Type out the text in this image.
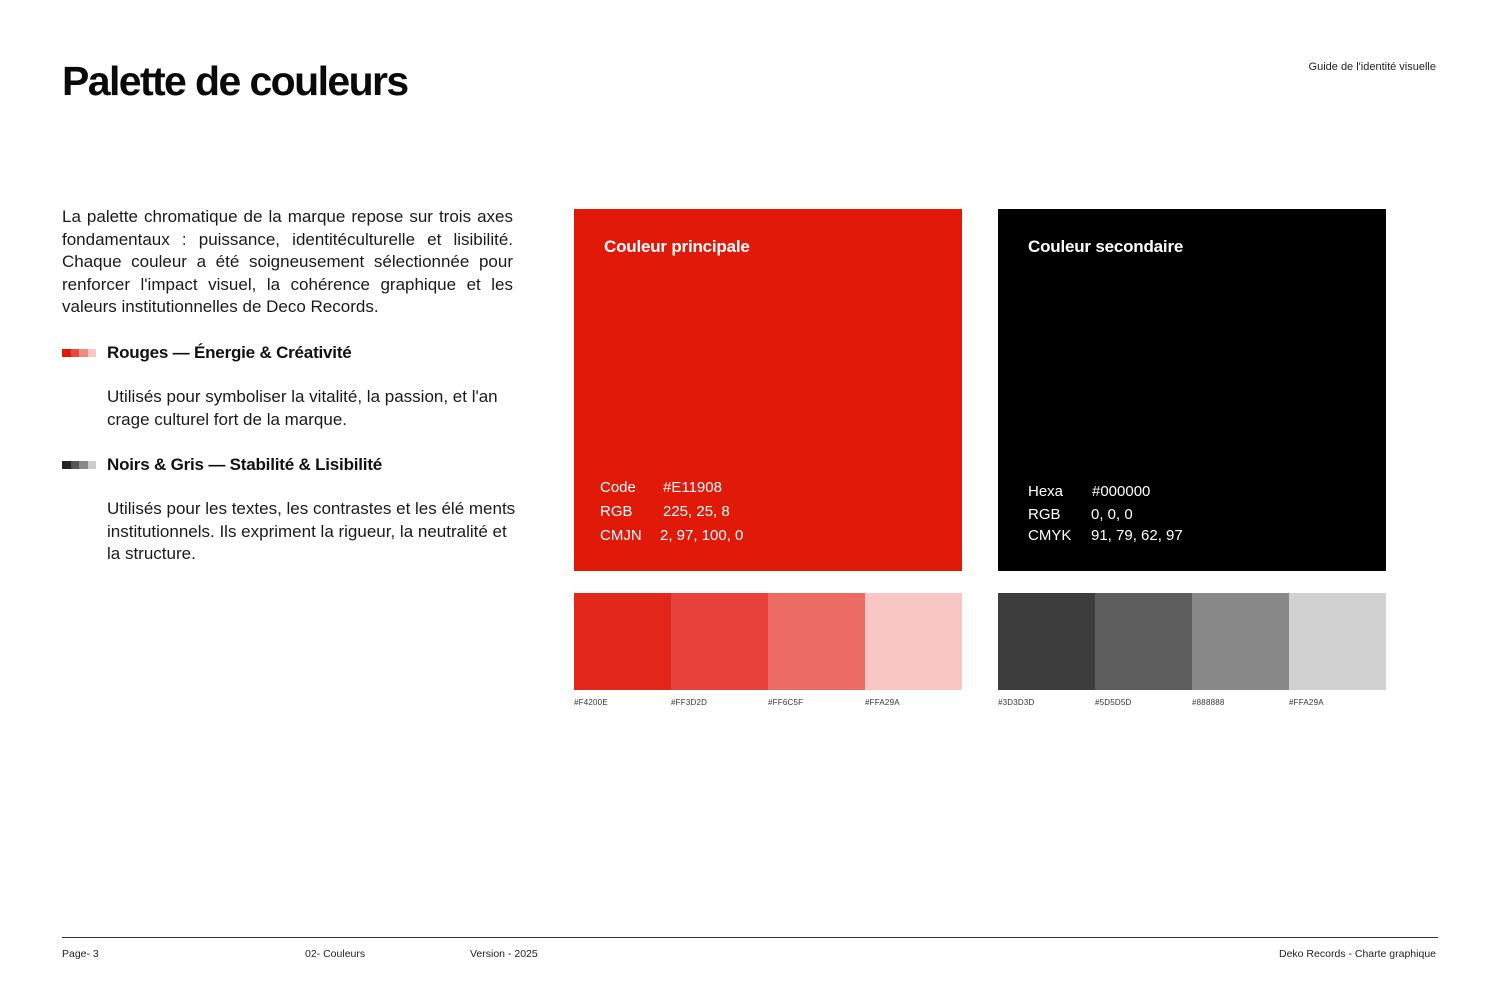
Palette de couleurs	Guide de l'identité visuelle

La palette chromatique de la marque repose sur trois axes fondamentaux : puissance, identitéculturelle et lisibilité. Chaque couleur a été soigneusement sélectionnée pour renforcer l'impact visuel, la cohérence graphique et les valeurs institutionnelles de Deco Records.

Rouges — Énergie & Créativité

Utilisés pour symboliser la vitalité, la passion, et l'an crage culturel fort de la marque.

Noirs & Gris — Stabilité & Lisibilité

Utilisés pour les textes, les contrastes et les élé ments institutionnels. Ils expriment la rigueur, la neutralité et la structure.

Couleur principale
Code #E11908
RGB 225, 25, 8
CMJN 2, 97, 100, 0
Couleur secondaire
Hexa #000000
RGB 0, 0, 0
CMYK 91, 79, 62, 97
#F4200E	#FF3D2D	#FF6C5F	#FFA29A	#3D3D3D	#5D5D5D	#888888	#FFA29A
Page- 3	02- Couleurs	Version - 2025	Deko Records - Charte graphique
